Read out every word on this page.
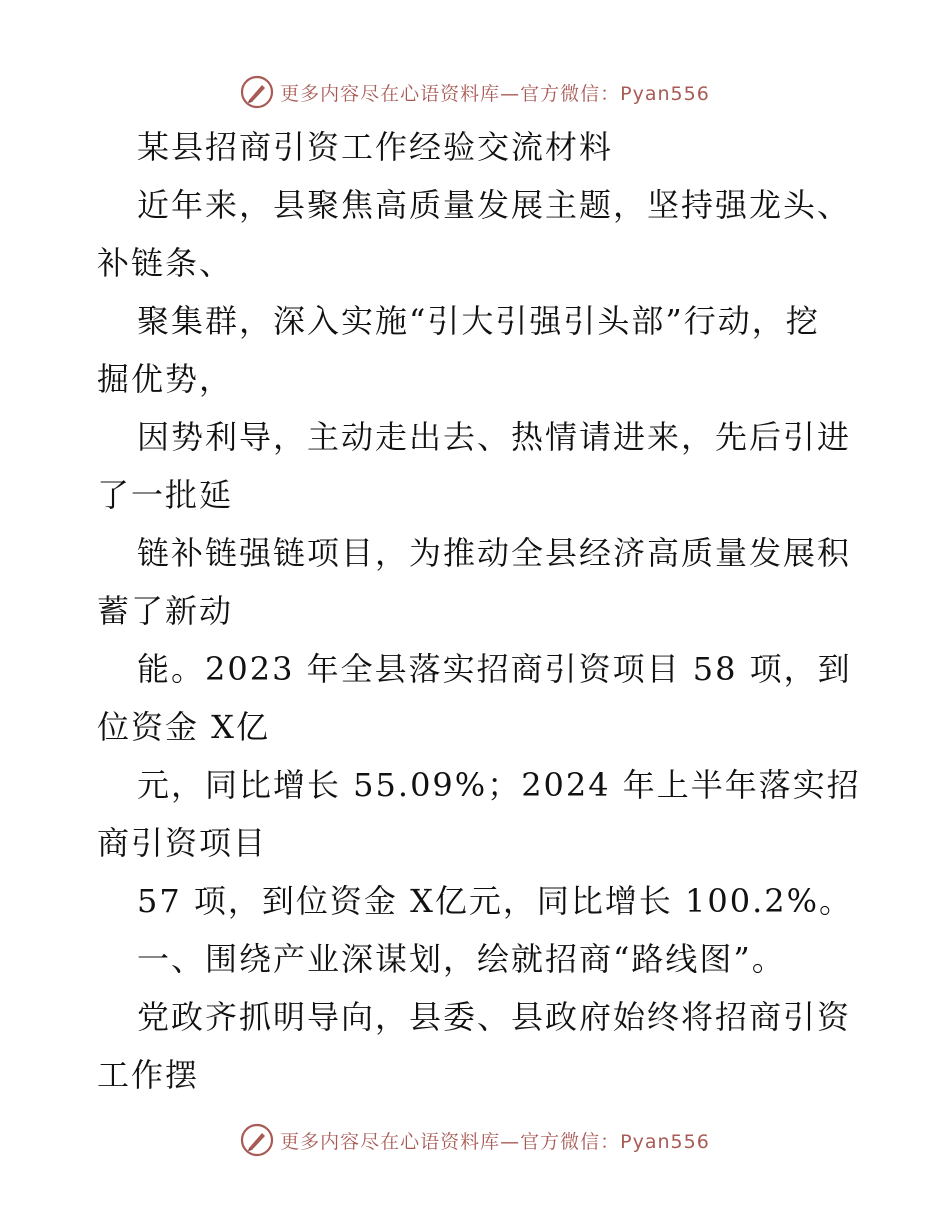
更多内容尽在心语资料库—官方微信：Pyan556
某县招商引资工作经验交流材料
近年来，县聚焦高质量发展主题，坚持强龙头、
补链条、
聚集群，深入实施“引大引强引头部”行动，挖
掘优势，
因势利导，主动走出去、热情请进来，先后引进
了一批延
链补链强链项目，为推动全县经济高质量发展积
蓄了新动
能。2023 年全县落实招商引资项目 58 项，到
位资金 X亿
元，同比增长 55.09%；2024 年上半年落实招
商引资项目
57 项，到位资金 X亿元，同比增长 100.2%。
一、围绕产业深谋划，绘就招商“路线图”。
党政齐抓明导向，县委、县政府始终将招商引资
工作摆
更多内容尽在心语资料库—官方微信：Pyan556
